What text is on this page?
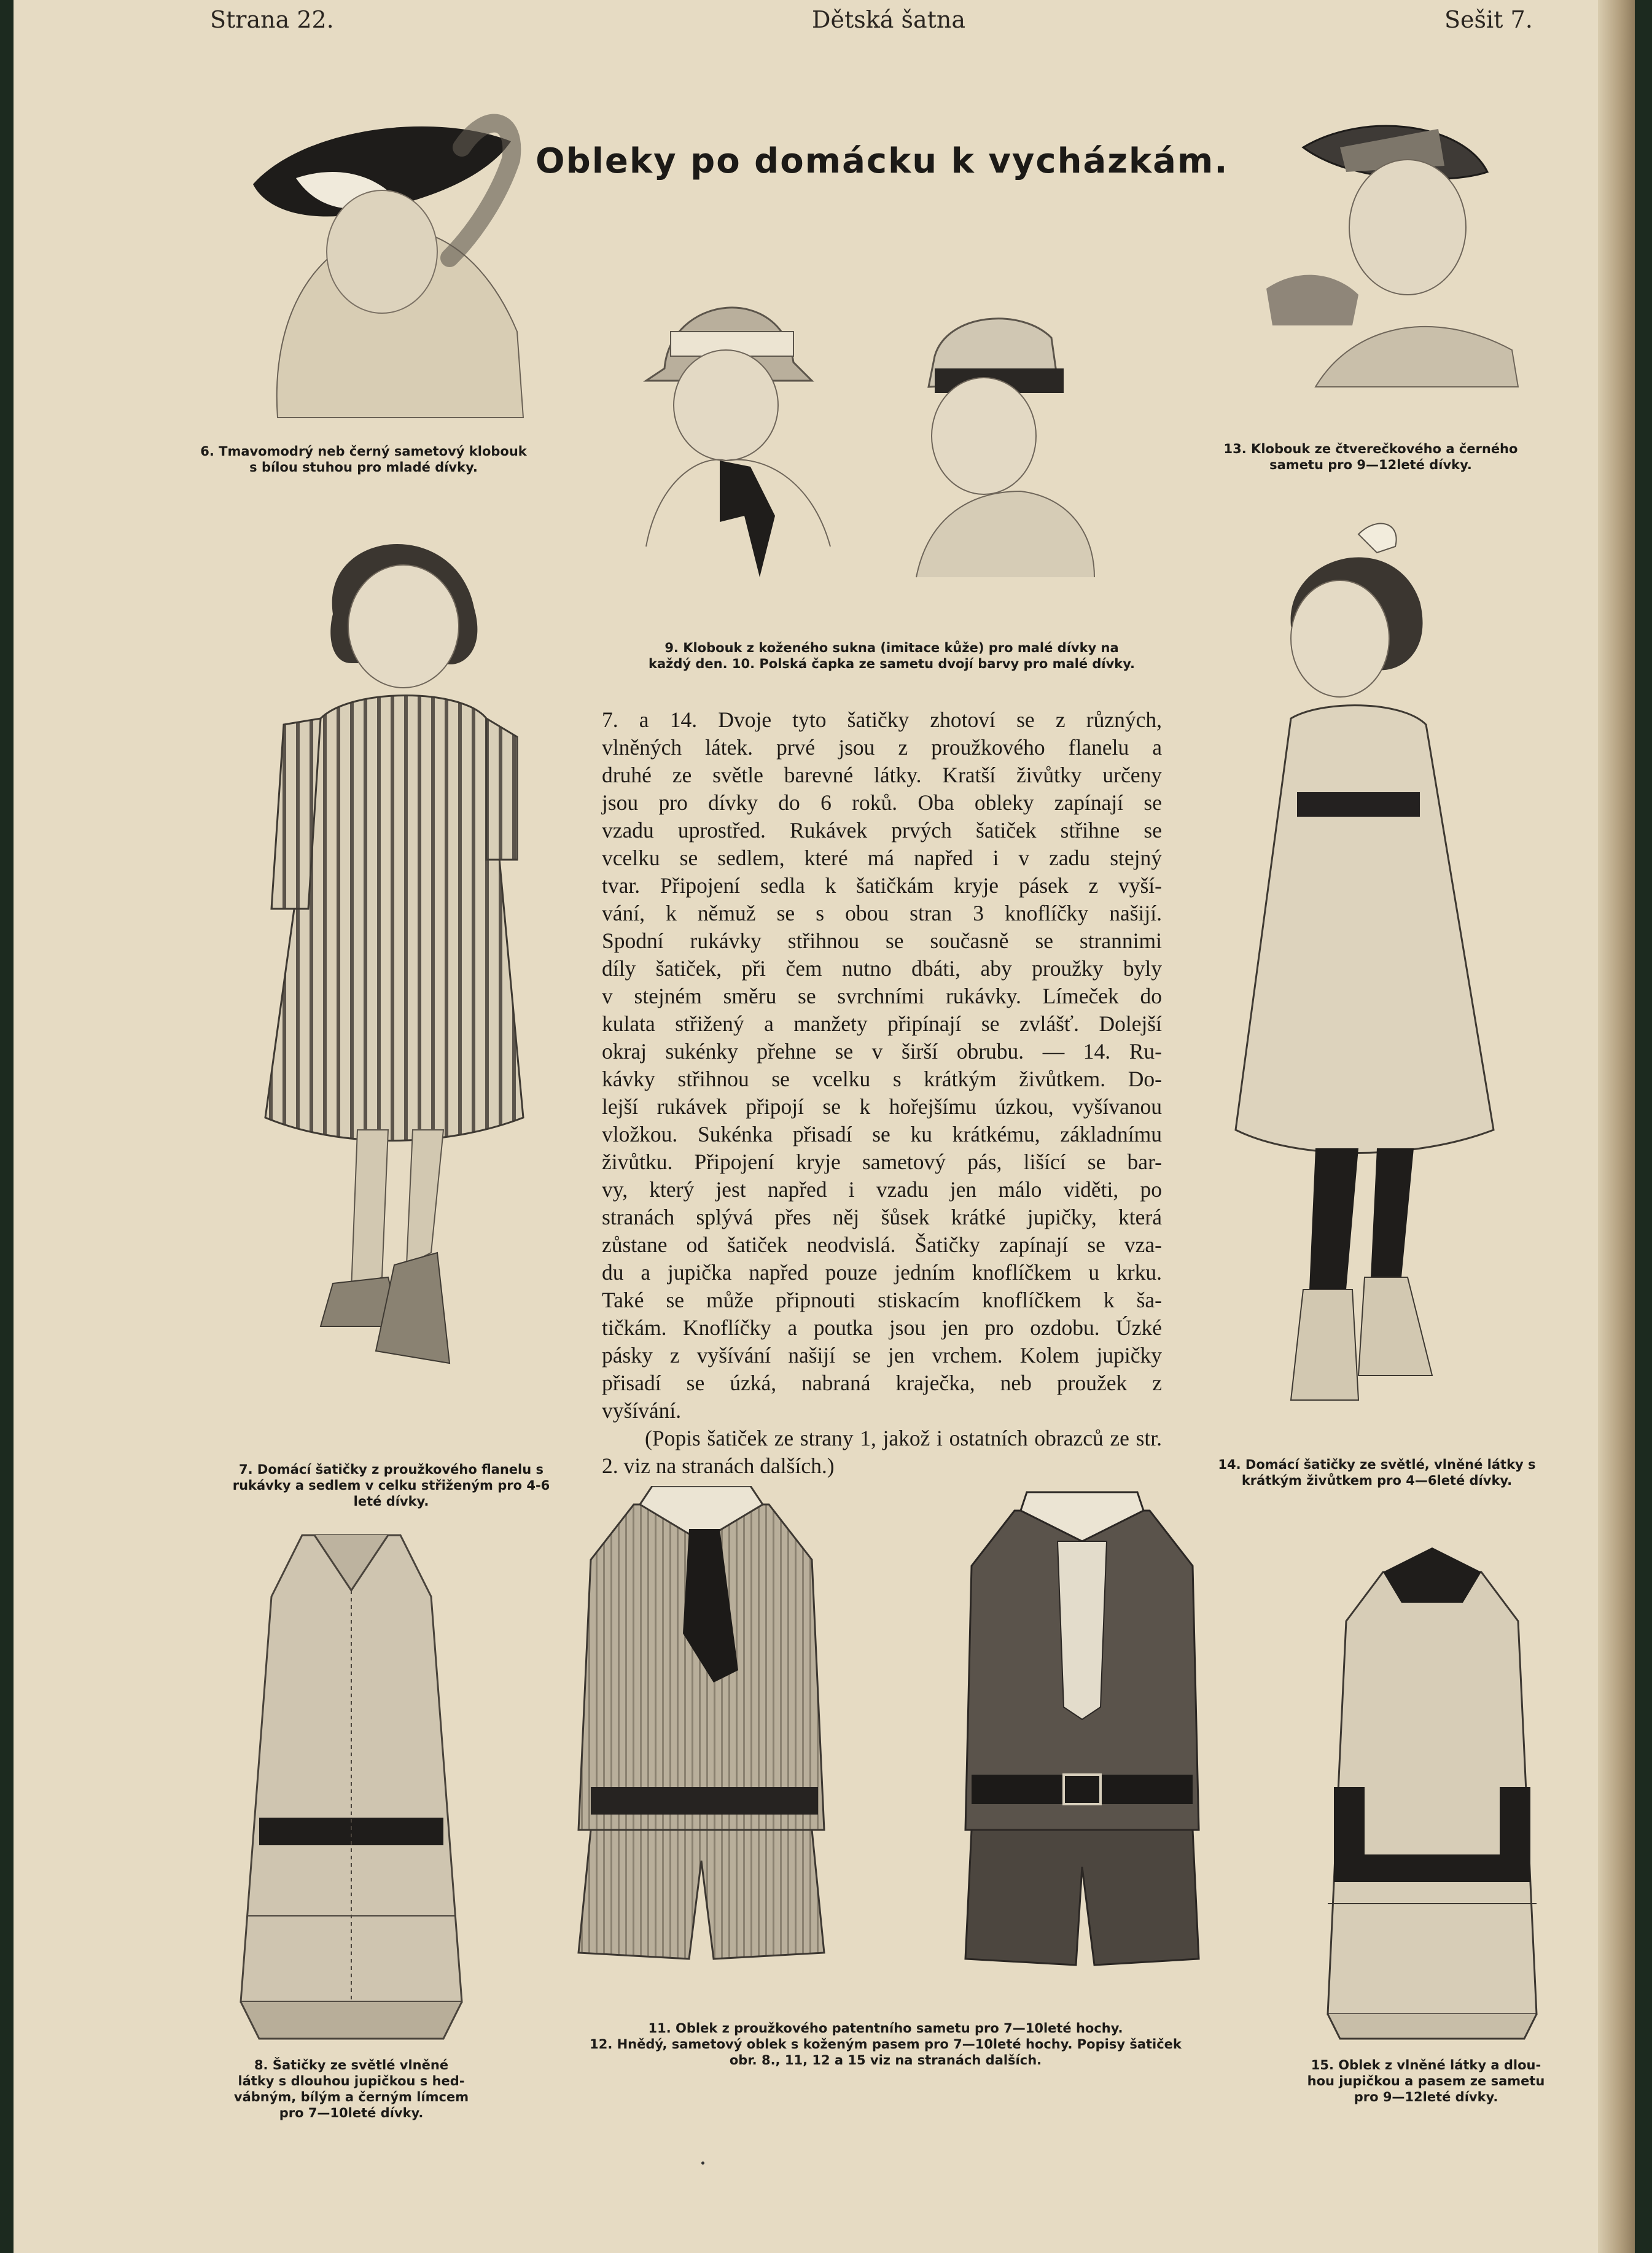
Strana 22.	Dětská šatna	Sešit 7.
Obleky po domácku k vycházkám.
6. Tmavomodrý neb černý sametový klobouk
s bílou stuhou pro mladé dívky.
9. Klobouk z koženého sukna (imitace kůže) pro malé dívky na
každý den. 10. Polská čapka ze sametu dvojí barvy pro malé dívky.
13. Klobouk ze čtverečkového a černého
sametu pro 9—12leté dívky.
7. Domácí šatičky z proužkového flanelu s
rukávky a sedlem v celku střiženým pro 4-6
leté dívky.
14. Domácí šatičky ze světlé, vlněné látky s
krátkým živůtkem pro 4—6leté dívky.
8. Šatičky ze světlé vlněné
látky s dlouhou jupičkou s hed-
vábným, bílým a černým límcem
pro 7—10leté dívky.
11. Oblek z proužkového patentního sametu pro 7—10leté hochy.
12. Hnědý, sametový oblek s koženým pasem pro 7—10leté hochy. Popisy šatiček
obr. 8., 11, 12 a 15 viz na stranách dalších.	15. Oblek z vlněné látky a dlou-
hou jupičkou a pasem ze sametu
pro 9—12leté dívky.

7. a 14. Dvoje tyto šatičky zhotoví se z různých,

vlněných látek. prvé jsou z proužkového flanelu a

druhé ze světle barevné látky. Kratší živůtky určeny

jsou pro dívky do 6 roků. Oba obleky zapínají se

vzadu uprostřed. Rukávek prvých šatiček střihne se

vcelku se sedlem, které má napřed i v zadu stejný

tvar. Připojení sedla k šatičkám kryje pásek z vyší-

vání, k němuž se s obou stran 3 knoflíčky našijí.

Spodní rukávky střihnou se současně se strannimi

díly šatiček, při čem nutno dbáti, aby proužky byly

v stejném směru se svrchními rukávky. Límeček do

kulata střižený a manžety připínají se zvlášť. Dolejší

okraj sukénky přehne se v širší obrubu. — 14. Ru-

kávky střihnou se vcelku s krátkým živůtkem. Do-

lejší rukávek připojí se k hořejšímu úzkou, vyšívanou

vložkou. Sukénka přisadí se ku krátkému, základnímu

živůtku. Připojení kryje sametový pás, lišící se bar-

vy, který jest napřed i vzadu jen málo viděti, po

stranách splývá přes něj šůsek krátké jupičky, která

zůstane od šatiček neodvislá. Šatičky zapínají se vza-

du a jupička napřed pouze jedním knoflíčkem u krku.

Také se může připnouti stiskacím knoflíčkem k ša-

tičkám. Knoflíčky a poutka jsou jen pro ozdobu. Úzké

pásky z vyšívání našijí se jen vrchem. Kolem jupičky

přisadí se úzká, nabraná kraječka, neb proužek z

vyšívání.

(Popis šatiček ze strany 1, jakož i ostatních obrazců ze str. 2. viz na stranách dalších.)
